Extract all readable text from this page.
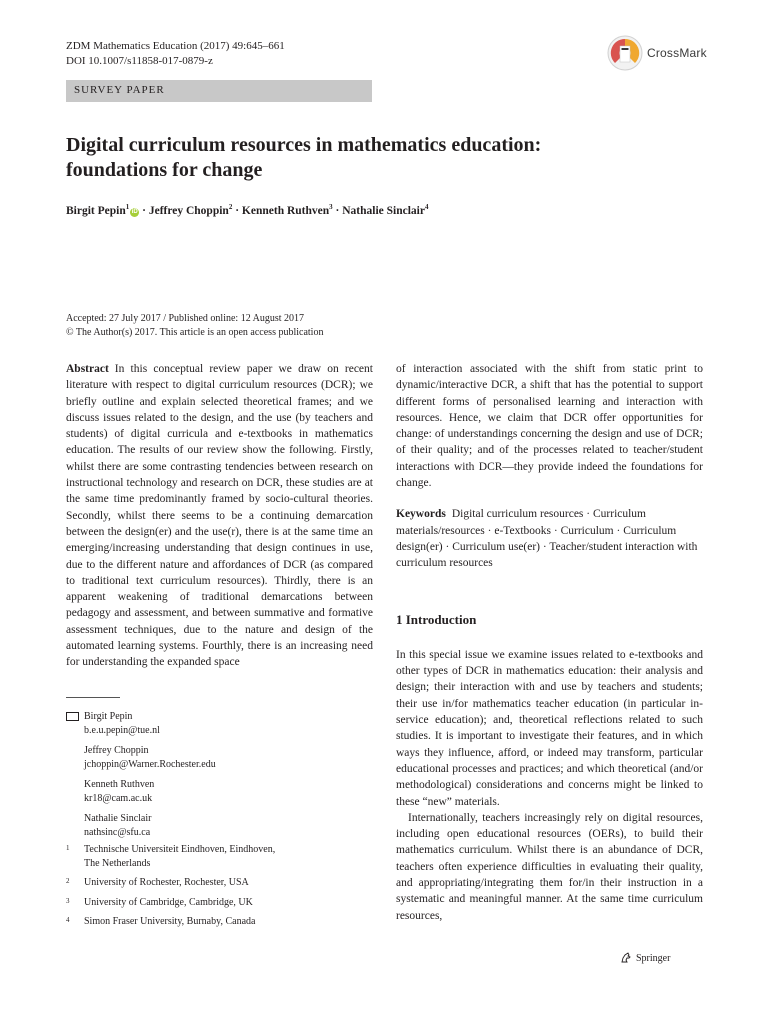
ZDM Mathematics Education (2017) 49:645–661
DOI 10.1007/s11858-017-0879-z
CrossMark
SURVEY PAPER
Digital curriculum resources in mathematics education:
foundations for change
Birgit Pepin$^1$iD · Jeffrey Choppin$^2$ · Kenneth Ruthven$^3$ · Nathalie Sinclair$^4$
Accepted: 27 July 2017 / Published online: 12 August 2017
© The Author(s) 2017. This article is an open access publication

Abstract In this conceptual review paper we draw on recent literature with respect to digital curriculum resources (DCR); we briefly outline and explain selected theoretical frames; and we discuss issues related to the design, and the use (by teachers and students) of digital curricula and e-textbooks in mathematics education. The results of our review show the following. Firstly, whilst there are some contrasting tendencies between research on instructional technology and research on DCR, these studies are at the same time predominantly framed by socio-cultural theories. Secondly, whilst there seems to be a continuing demarcation between the design(er) and the use(r), there is at the same time an emerging/increasing understanding that design continues in use, due to the different nature and affordances of DCR (as compared to traditional text curriculum resources). Thirdly, there is an apparent weakening of traditional demarcations between pedagogy and assessment, and between summative and formative assessment techniques, due to the nature and design of the automated learning systems. Fourthly, there is an increasing need for understanding the expanded space

of interaction associated with the shift from static print to dynamic/interactive DCR, a shift that has the potential to support different forms of personalised learning and interaction with resources. Hence, we claim that DCR offer opportunities for change: of understandings concerning the design and use of DCR; of their quality; and of the processes related to teacher/student interactions with DCR—they provide indeed the foundations for change.

Keywords Digital curriculum resources · Curriculum materials/resources · e-Textbooks · Curriculum · Curriculum design(er) · Curriculum use(er) · Teacher/student interaction with curriculum resources

1 Introduction

In this special issue we examine issues related to e-textbooks and other types of DCR in mathematics education: their analysis and design; their interaction with and use by teachers and students; their use in/for mathematics teacher education (in particular in-service education); and, theoretical reflections related to such studies. It is important to investigate their features, and in which ways they influence, afford, or indeed may transform, particular educational processes and practices; and which theoretical (and/or methodological) considerations and concerns might be linked to these “new” materials.

Internationally, teachers increasingly rely on digital resources, including open educational resources (OERs), to build their mathematics curriculum. Whilst there is an abundance of DCR, teachers often experience difficulties in evaluating their quality, and appropriating/integrating them for/in their instruction in a systematic and meaningful manner. At the same time curriculum resources,

Birgit Pepin
b.e.u.pepin@tue.nl
Jeffrey Choppin
jchoppin@Warner.Rochester.edu
Kenneth Ruthven
kr18@cam.ac.uk
Nathalie Sinclair
nathsinc@sfu.ca
1	Technische Universiteit Eindhoven, Eindhoven,
The Netherlands
2	University of Rochester, Rochester, USA
3	University of Cambridge, Cambridge, UK
4	Simon Fraser University, Burnaby, Canada
Springer
